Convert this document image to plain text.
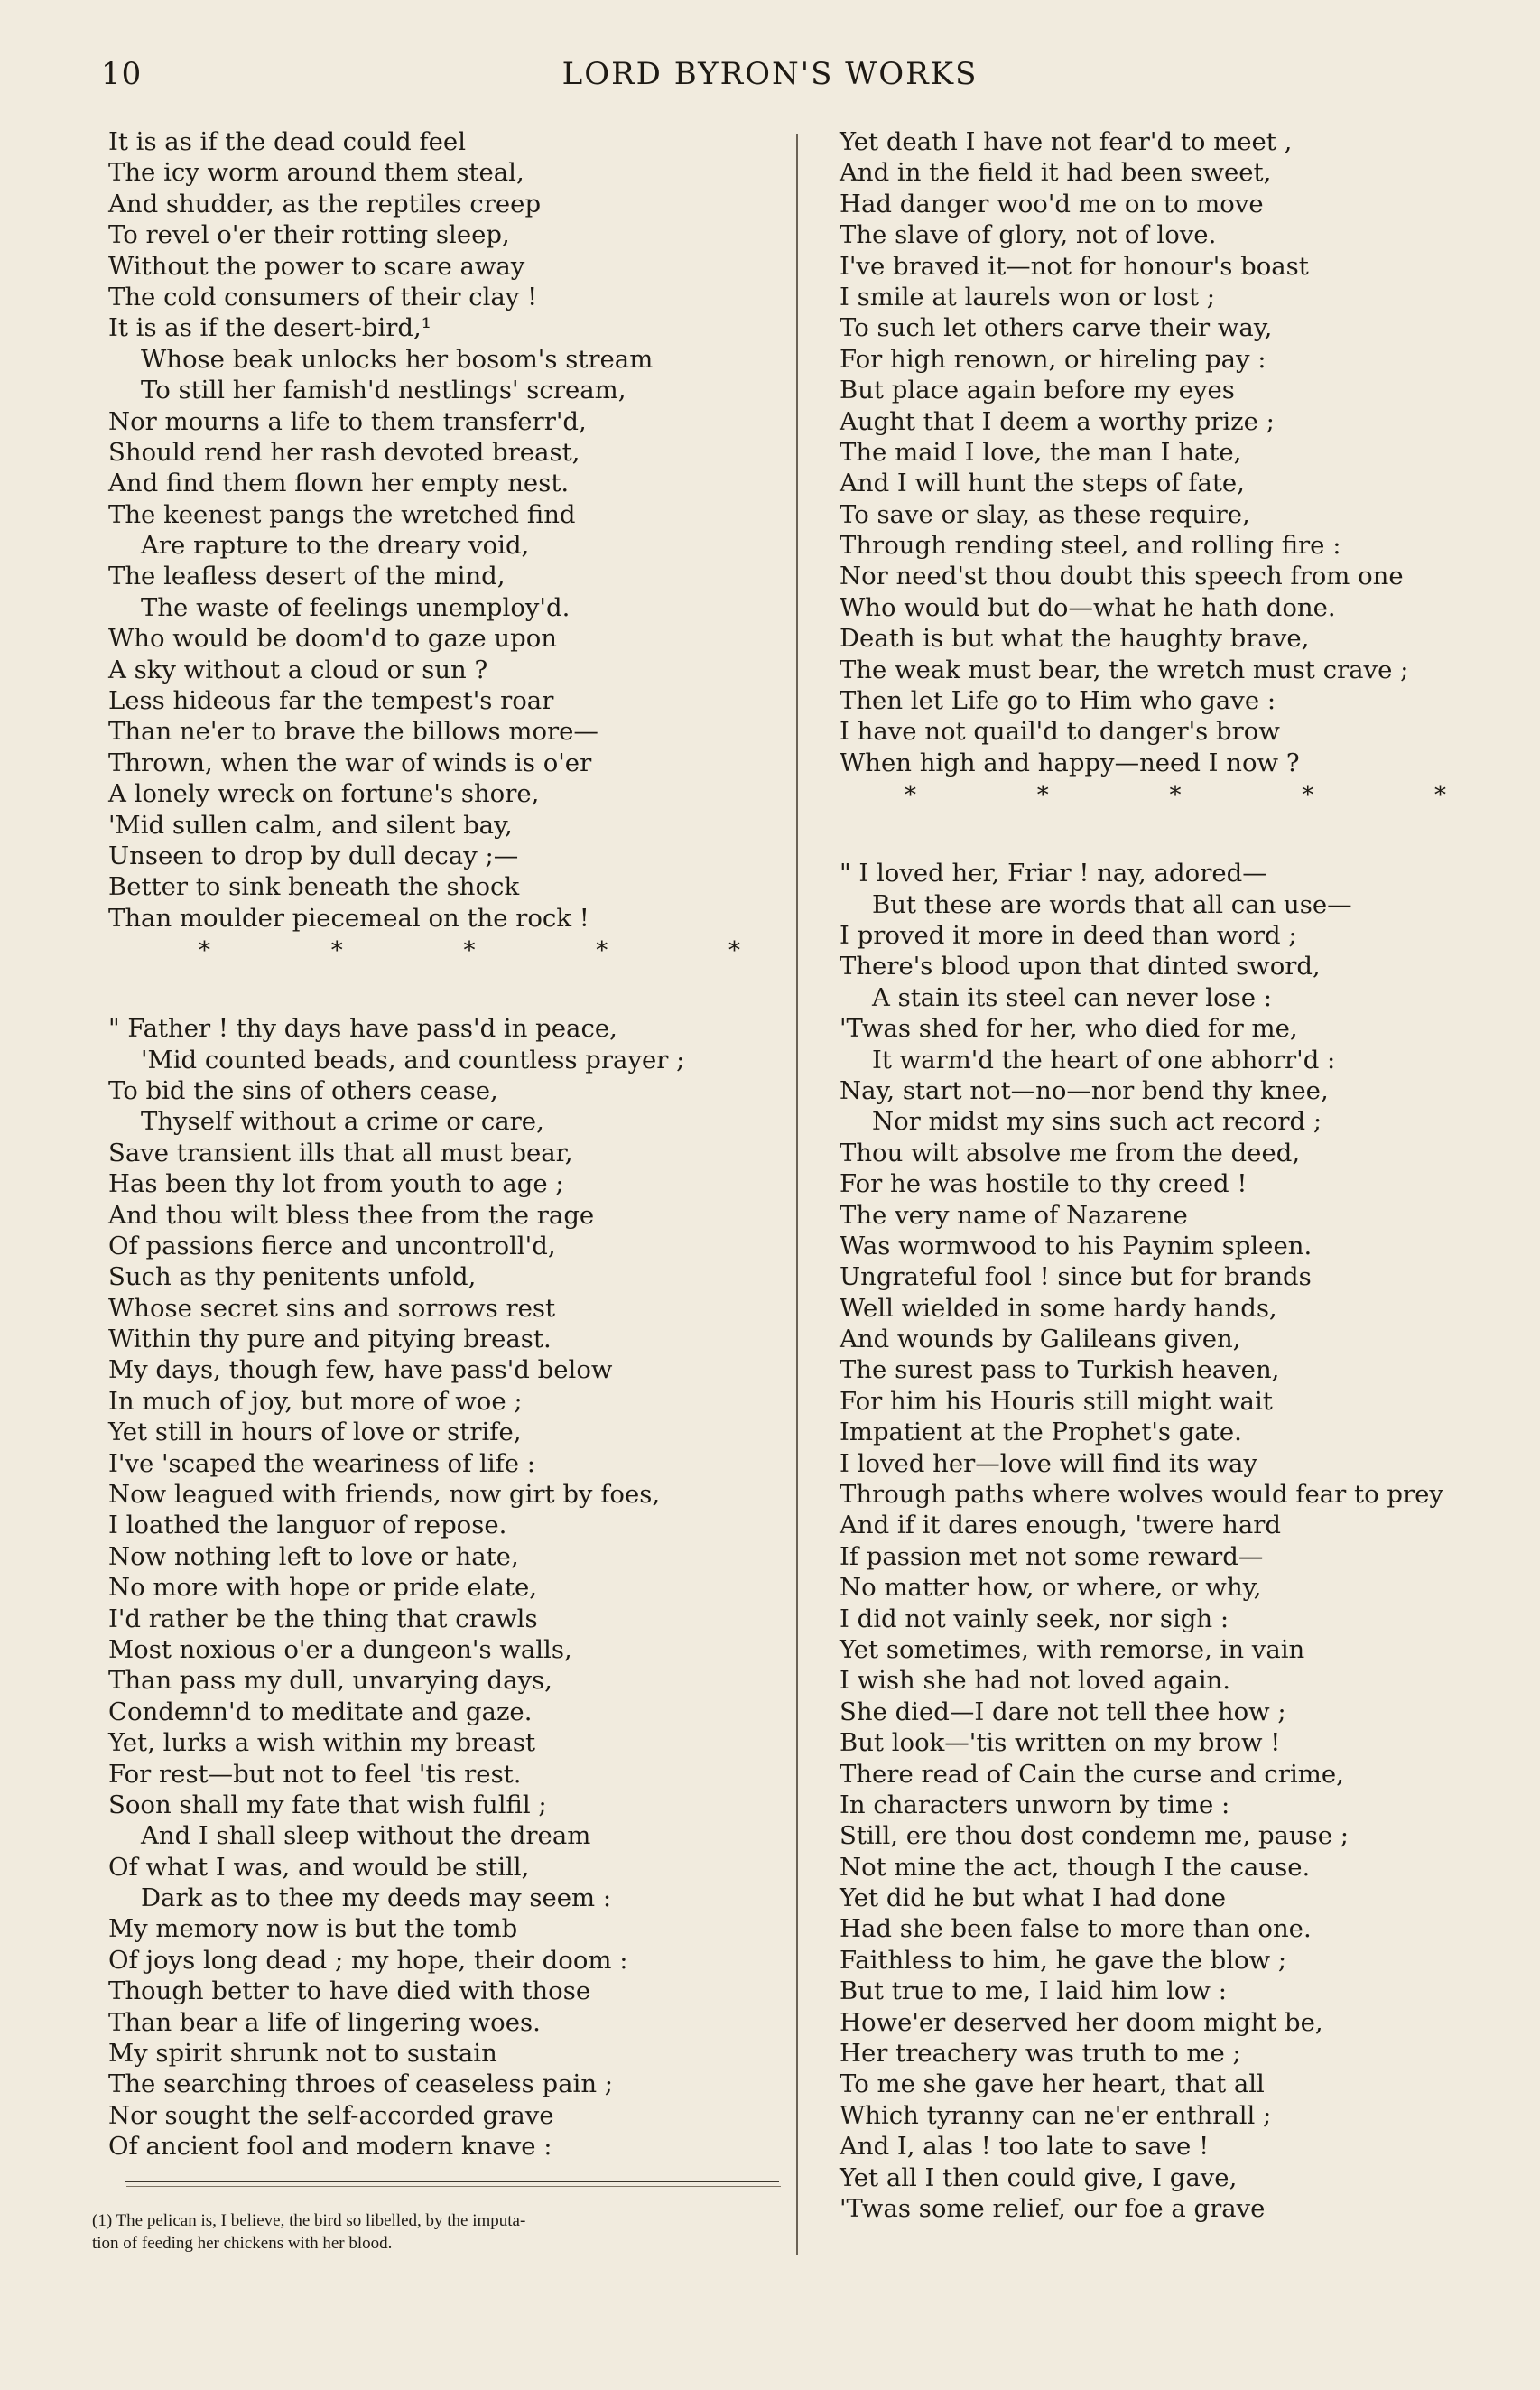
10	LORD BYRON'S WORKS
It is as if the dead could feel
The icy worm around them steal,
And shudder, as the reptiles creep
To revel o'er their rotting sleep,
Without the power to scare away
The cold consumers of their clay !
It is as if the desert-bird,¹
Whose beak unlocks her bosom's stream
To still her famish'd nestlings' scream,
Nor mourns a life to them transferr'd,
Should rend her rash devoted breast,
And find them flown her empty nest.
The keenest pangs the wretched find
Are rapture to the dreary void,
The leafless desert of the mind,
The waste of feelings unemploy'd.
Who would be doom'd to gaze upon
A sky without a cloud or sun ?
Less hideous far the tempest's roar
Than ne'er to brave the billows more—
Thrown, when the war of winds is o'er
A lonely wreck on fortune's shore,
'Mid sullen calm, and silent bay,
Unseen to drop by dull decay ;—
Better to sink beneath the shock
Than moulder piecemeal on the rock !
*	*	*	*	*
" Father ! thy days have pass'd in peace,
'Mid counted beads, and countless prayer ;
To bid the sins of others cease,
Thyself without a crime or care,
Save transient ills that all must bear,
Has been thy lot from youth to age ;
And thou wilt bless thee from the rage
Of passions fierce and uncontroll'd,
Such as thy penitents unfold,
Whose secret sins and sorrows rest
Within thy pure and pitying breast.
My days, though few, have pass'd below
In much of joy, but more of woe ;
Yet still in hours of love or strife,
I've 'scaped the weariness of life :
Now leagued with friends, now girt by foes,
I loathed the languor of repose.
Now nothing left to love or hate,
No more with hope or pride elate,
I'd rather be the thing that crawls
Most noxious o'er a dungeon's walls,
Than pass my dull, unvarying days,
Condemn'd to meditate and gaze.
Yet, lurks a wish within my breast
For rest—but not to feel 'tis rest.
Soon shall my fate that wish fulfil ;
And I shall sleep without the dream
Of what I was, and would be still,
Dark as to thee my deeds may seem :
My memory now is but the tomb
Of joys long dead ; my hope, their doom :
Though better to have died with those
Than bear a life of lingering woes.
My spirit shrunk not to sustain
The searching throes of ceaseless pain ;
Nor sought the self-accorded grave
Of ancient fool and modern knave :
Yet death I have not fear'd to meet ,
And in the field it had been sweet,
Had danger woo'd me on to move
The slave of glory, not of love.
I've braved it—not for honour's boast
I smile at laurels won or lost ;
To such let others carve their way,
For high renown, or hireling pay :
But place again before my eyes
Aught that I deem a worthy prize ;
The maid I love, the man I hate,
And I will hunt the steps of fate,
To save or slay, as these require,
Through rending steel, and rolling fire :
Nor need'st thou doubt this speech from one
Who would but do—what he hath done.
Death is but what the haughty brave,
The weak must bear, the wretch must crave ;
Then let Life go to Him who gave :
I have not quail'd to danger's brow
When high and happy—need I now ?
*	*	*	*	*
" I loved her, Friar ! nay, adored—
But these are words that all can use—
I proved it more in deed than word ;
There's blood upon that dinted sword,
A stain its steel can never lose :
'Twas shed for her, who died for me,
It warm'd the heart of one abhorr'd :
Nay, start not—no—nor bend thy knee,
Nor midst my sins such act record ;
Thou wilt absolve me from the deed,
For he was hostile to thy creed !
The very name of Nazarene
Was wormwood to his Paynim spleen.
Ungrateful fool ! since but for brands
Well wielded in some hardy hands,
And wounds by Galileans given,
The surest pass to Turkish heaven,
For him his Houris still might wait
Impatient at the Prophet's gate.
I loved her—love will find its way
Through paths where wolves would fear to prey
And if it dares enough, 'twere hard
If passion met not some reward—
No matter how, or where, or why,
I did not vainly seek, nor sigh :
Yet sometimes, with remorse, in vain
I wish she had not loved again.
She died—I dare not tell thee how ;
But look—'tis written on my brow !
There read of Cain the curse and crime,
In characters unworn by time :
Still, ere thou dost condemn me, pause ;
Not mine the act, though I the cause.
Yet did he but what I had done
Had she been false to more than one.
Faithless to him, he gave the blow ;
But true to me, I laid him low :
Howe'er deserved her doom might be,
Her treachery was truth to me ;
To me she gave her heart, that all
Which tyranny can ne'er enthrall ;
And I, alas ! too late to save !
Yet all I then could give, I gave,
'Twas some relief, our foe a grave
(1) The pelican is, I believe, the bird so libelled, by the imputa-
tion of feeding her chickens with her blood.
